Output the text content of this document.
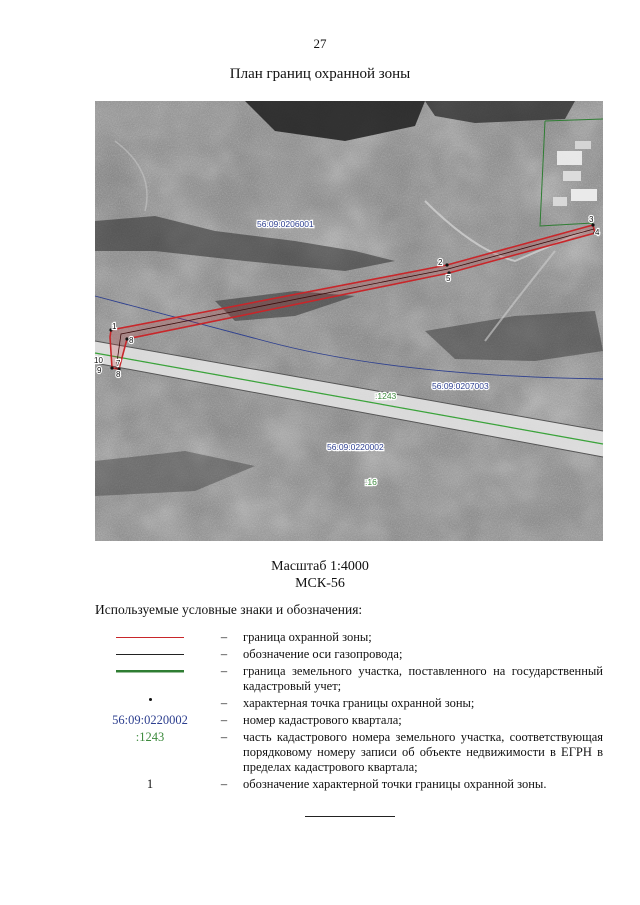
27
План границ охранной зоны
1
8
10 7
9 8
2
5
3
4
56:09:0206001
56:09:0207003
56:09:0220002
:1243
:16
Масштаб 1:4000
МСК-56
Используемые условные знаки и обозначения:
–	граница охранной зоны;
–	обозначение оси газопровода;
–	граница земельного участка, поставленного на государственный кадастровый учет;
–	характерная точка границы охранной зоны;
56:09:0220002	–	номер кадастрового квартала;
:1243	–	часть кадастрового номера земельного участка, соответствующая порядковому номеру записи об объекте недвижимости в ЕГРН в пределах кадастрового квартала;
1	–	обозначение характерной точки границы охранной зоны.
